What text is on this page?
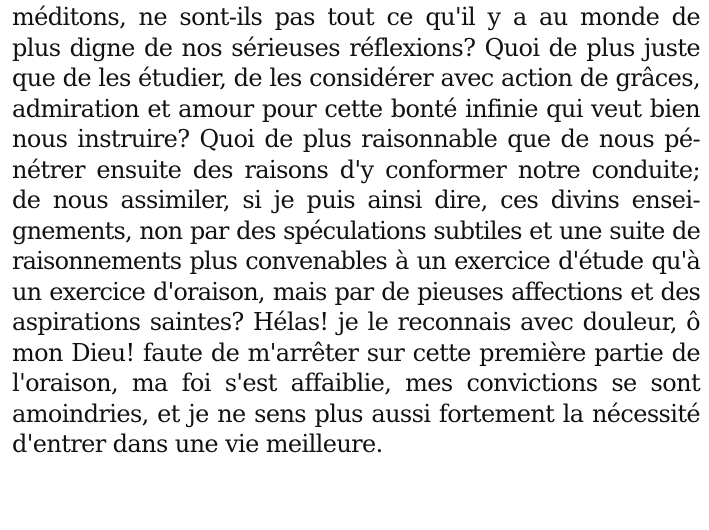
méditons, ne sont-ils pas tout ce qu'il y a au monde de
plus digne de nos sérieuses réflexions? Quoi de plus juste
que de les étudier, de les considérer avec action de grâces,
admiration et amour pour cette bonté infinie qui veut bien
nous instruire? Quoi de plus raisonnable que de nous pé-
nétrer ensuite des raisons d'y conformer notre conduite;
de nous assimiler, si je puis ainsi dire, ces divins ensei-
gnements, non par des spéculations subtiles et une suite de
raisonnements plus convenables à un exercice d'étude qu'à
un exercice d'oraison, mais par de pieuses affections et des
aspirations saintes? Hélas! je le reconnais avec douleur, ô
mon Dieu! faute de m'arrêter sur cette première partie de
l'oraison, ma foi s'est affaiblie, mes convictions se sont
amoindries, et je ne sens plus aussi fortement la nécessité
d'entrer dans une vie meilleure.
